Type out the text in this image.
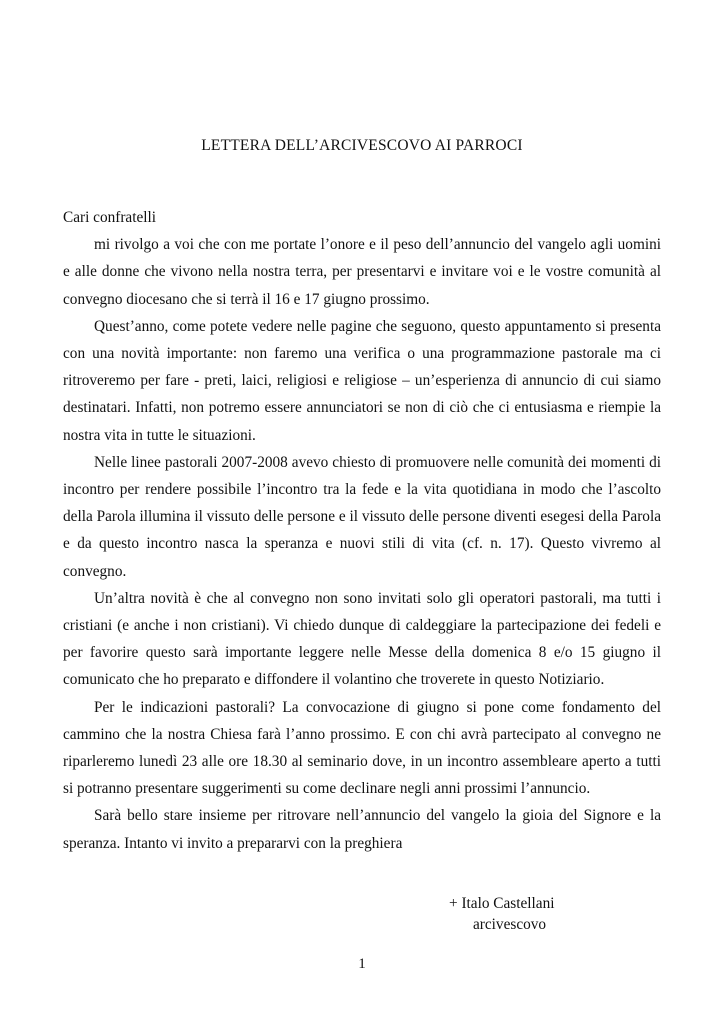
LETTERA DELL’ARCIVESCOVO AI PARROCI

Cari confratelli

mi rivolgo a voi che con me portate l’onore e il peso dell’annuncio del vangelo agli uomini e alle donne che vivono nella nostra terra, per presentarvi e invitare voi e le vostre comunità al convegno diocesano che si terrà il 16 e 17 giugno prossimo.

Quest’anno, come potete vedere nelle pagine che seguono, questo appuntamento si presenta con una novità importante: non faremo una verifica o una programmazione pastorale ma ci ritroveremo per fare - preti, laici, religiosi e religiose – un’esperienza di annuncio di cui siamo destinatari. Infatti, non potremo essere annunciatori se non di ciò che ci entusiasma e riempie la nostra vita in tutte le situazioni.

Nelle linee pastorali 2007-2008 avevo chiesto di promuovere nelle comunità dei momenti di incontro per rendere possibile l’incontro tra la fede e la vita quotidiana in modo che l’ascolto della Parola illumina il vissuto delle persone e il vissuto delle persone diventi esegesi della Parola e da questo incontro nasca la speranza e nuovi stili di vita (cf. n. 17). Questo vivremo al convegno.

Un’altra novità è che al convegno non sono invitati solo gli operatori pastorali, ma tutti i cristiani (e anche i non cristiani). Vi chiedo dunque di caldeggiare la partecipazione dei fedeli e per favorire questo sarà importante leggere nelle Messe della domenica 8 e/o 15 giugno il comunicato che ho preparato e diffondere il volantino che troverete in questo Notiziario.

Per le indicazioni pastorali? La convocazione di giugno si pone come fondamento del cammino che la nostra Chiesa farà l’anno prossimo. E con chi avrà partecipato al convegno ne riparleremo lunedì 23 alle ore 18.30 al seminario dove, in un incontro assembleare aperto a tutti si potranno presentare suggerimenti su come declinare negli anni prossimi l’annuncio.

Sarà bello stare insieme per ritrovare nell’annuncio del vangelo la gioia del Signore e la speranza. Intanto vi invito a prepararvi con la preghiera

+ Italo Castellani
arcivescovo
1
